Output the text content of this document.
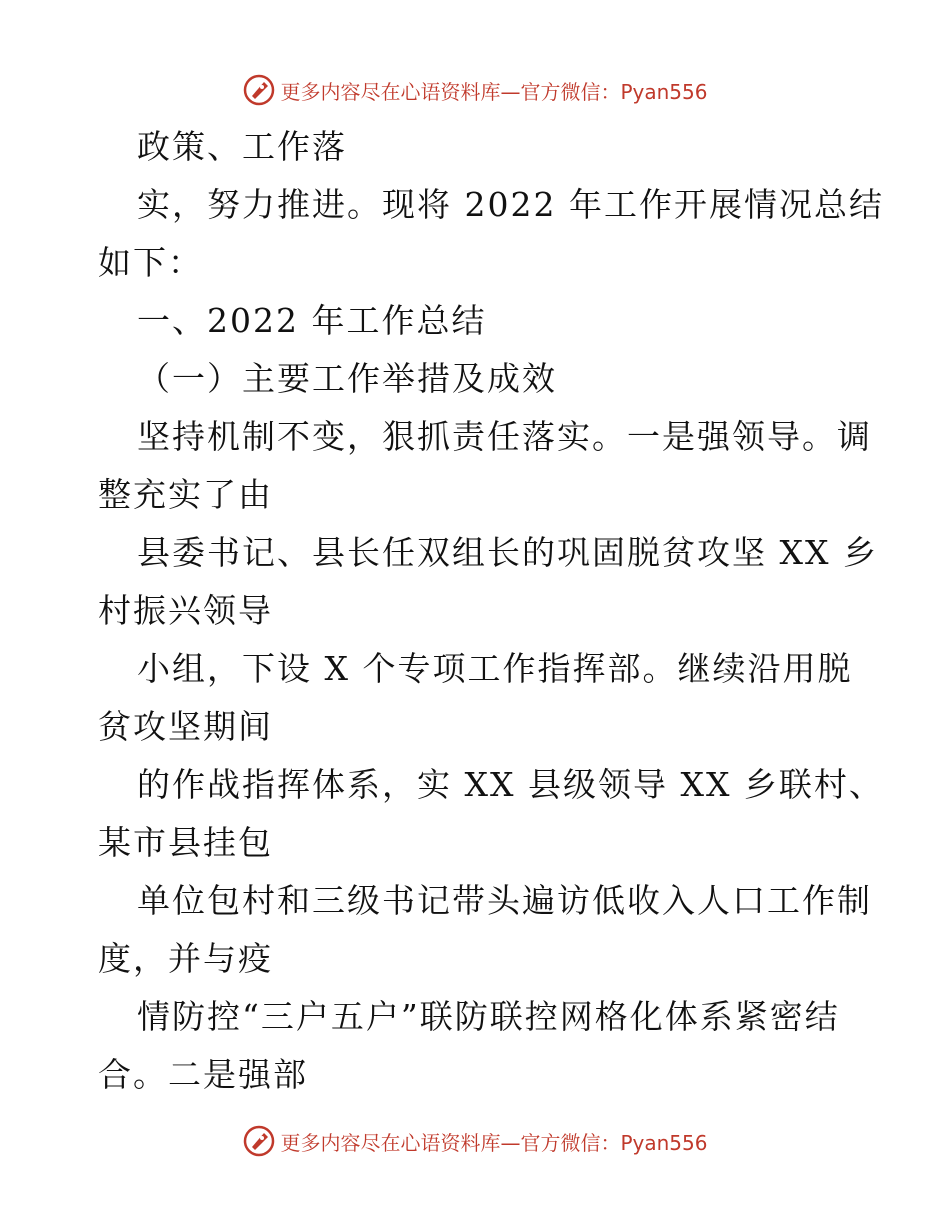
更多内容尽在心语资料库—官方微信：Pyan556
政策、工作落
实，努力推进。现将 2022 年工作开展情况总结
如下：
一、2022 年工作总结
（一）主要工作举措及成效
坚持机制不变，狠抓责任落实。一是强领导。调
整充实了由
县委书记、县长任双组长的巩固脱贫攻坚 XX 乡
村振兴领导
小组，下设 X 个专项工作指挥部。继续沿用脱
贫攻坚期间
的作战指挥体系，实 XX 县级领导 XX 乡联村、
某市县挂包
单位包村和三级书记带头遍访低收入人口工作制
度，并与疫
情防控“三户五户”联防联控网格化体系紧密结
合。二是强部
更多内容尽在心语资料库—官方微信：Pyan556
